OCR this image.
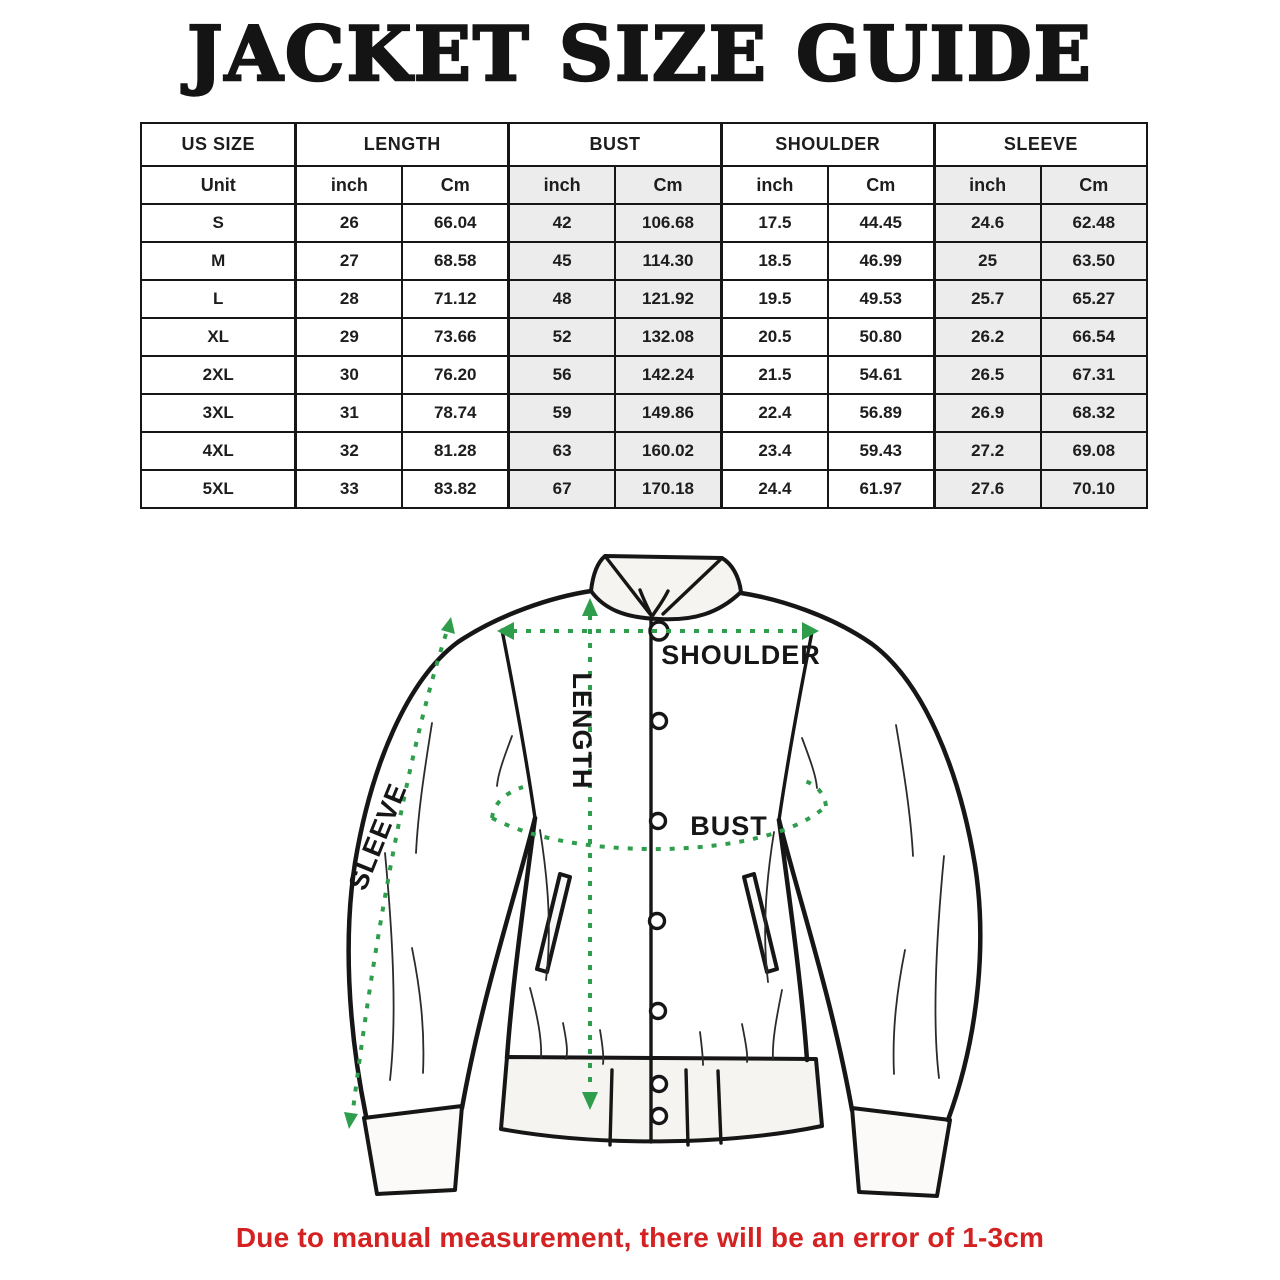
JACKET SIZE GUIDE
US SIZE	LENGTH		BUST		SHOULDER		SLEEVE	
Unit	inch	Cm	inch	Cm	inch	Cm	inch	Cm
S	26	66.04	42	106.68	17.5	44.45	24.6	62.48
M	27	68.58	45	114.30	18.5	46.99	25	63.50
L	28	71.12	48	121.92	19.5	49.53	25.7	65.27
XL	29	73.66	52	132.08	20.5	50.80	26.2	66.54
2XL	30	76.20	56	142.24	21.5	54.61	26.5	67.31
3XL	31	78.74	59	149.86	22.4	56.89	26.9	68.32
4XL	32	81.28	63	160.02	23.4	59.43	27.2	69.08
5XL	33	83.82	67	170.18	24.4	61.97	27.6	70.10
SHOULDER
LENGTH
BUST
SLEEVE
Due to manual measurement, there will be an error of 1-3cm
